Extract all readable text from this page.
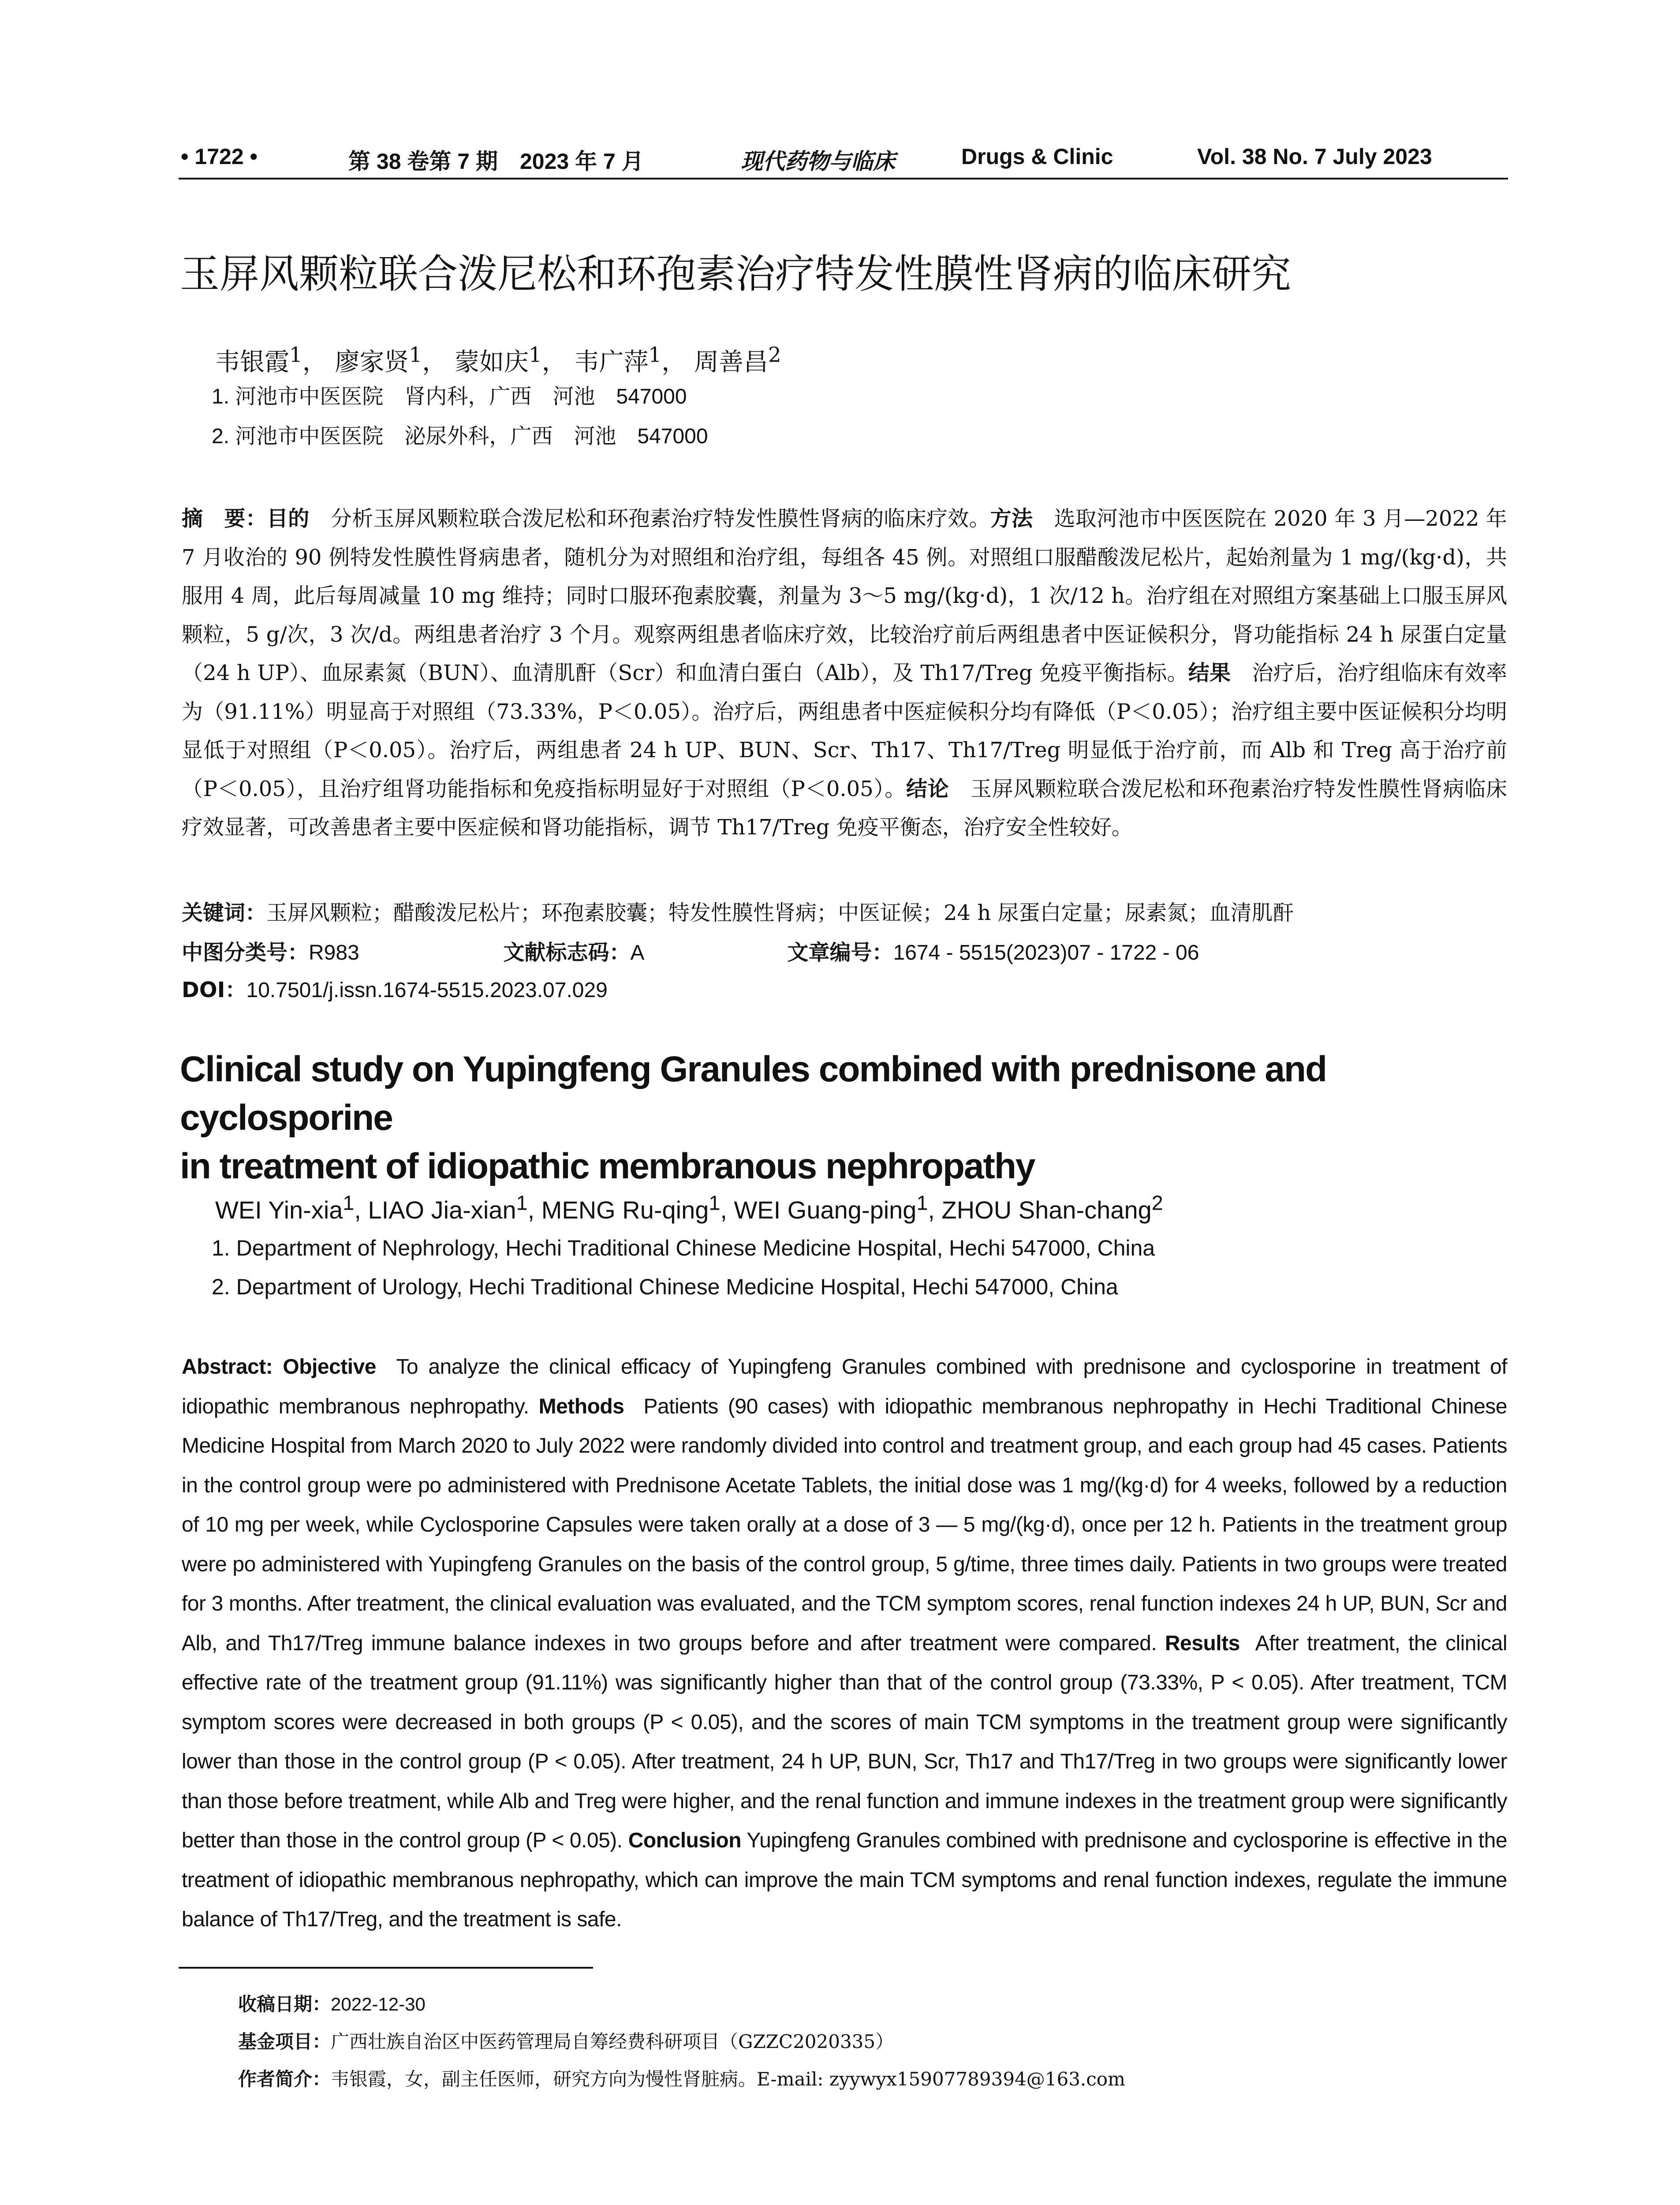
• 1722 •	第 38 卷第 7 期　2023 年 7 月	现代药物与临床	Drugs & Clinic	Vol. 38 No. 7 July 2023
玉屏风颗粒联合泼尼松和环孢素治疗特发性膜性肾病的临床研究
韦银霞$^1$， 廖家贤$^1$， 蒙如庆$^1$， 韦广萍$^1$， 周善昌$^2$
1. 河池市中医医院　肾内科，广西　河池　547000
2. 河池市中医医院　泌尿外科，广西　河池　547000
摘　要：目的　 分析玉屏风颗粒联合泼尼松和环孢素治疗特发性膜性肾病的临床疗效。方法　 选取河池市中医医院在 2020 年 3 月—2022 年 7 月收治的 90 例特发性膜性肾病患者，随机分为对照组和治疗组，每组各 45 例。对照组口服醋酸泼尼松片，起始剂量为 1 mg/(kg·d)，共服用 4 周，此后每周减量 10 mg 维持；同时口服环孢素胶囊，剂量为 3～5 mg/(kg·d)，1 次/12 h。治疗组在对照组方案基础上口服玉屏风颗粒，5 g/次，3 次/d。两组患者治疗 3 个月。观察两组患者临床疗效，比较治疗前后两组患者中医证候积分，肾功能指标 24 h 尿蛋白定量（24 h UP）、血尿素氮（BUN）、血清肌酐（Scr）和血清白蛋白（Alb），及 Th17/Treg 免疫平衡指标。结果　 治疗后，治疗组临床有效率为（91.11%）明显高于对照组（73.33%，P＜0.05）。治疗后，两组患者中医症候积分均有降低（P＜0.05）；治疗组主要中医证候积分均明显低于对照组（P＜0.05）。治疗后，两组患者 24 h UP、BUN、Scr、Th17、Th17/Treg 明显低于治疗前，而 Alb 和 Treg 高于治疗前（P＜0.05），且治疗组肾功能指标和免疫指标明显好于对照组（P＜0.05）。结论　 玉屏风颗粒联合泼尼松和环孢素治疗特发性膜性肾病临床疗效显著，可改善患者主要中医症候和肾功能指标，调节 Th17/Treg 免疫平衡态，治疗安全性较好。
关键词：玉屏风颗粒；醋酸泼尼松片；环孢素胶囊；特发性膜性肾病；中医证候；24 h 尿蛋白定量；尿素氮；血清肌酐
中图分类号：R983	文献标志码：A	文章编号：1674 - 5515(2023)07 - 1722 - 06
DOI：10.7501/j.issn.1674-5515.2023.07.029
Clinical study on Yupingfeng Granules combined with prednisone and cyclosporine
in treatment of idiopathic membranous nephropathy
WEI Yin-xia$^1$, LIAO Jia-xian$^1$, MENG Ru-qing$^1$, WEI Guang-ping$^1$, ZHOU Shan-chang$^2$
1. Department of Nephrology, Hechi Traditional Chinese Medicine Hospital, Hechi 547000, China
2. Department of Urology, Hechi Traditional Chinese Medicine Hospital, Hechi 547000, China
Abstract: Objective To analyze the clinical efficacy of Yupingfeng Granules combined with prednisone and cyclosporine in treatment of idiopathic membranous nephropathy. Methods Patients (90 cases) with idiopathic membranous nephropathy in Hechi Traditional Chinese Medicine Hospital from March 2020 to July 2022 were randomly divided into control and treatment group, and each group had 45 cases. Patients in the control group were po administered with Prednisone Acetate Tablets, the initial dose was 1 mg/(kg·d) for 4 weeks, followed by a reduction of 10 mg per week, while Cyclosporine Capsules were taken orally at a dose of 3 — 5 mg/(kg·d), once per 12 h. Patients in the treatment group were po administered with Yupingfeng Granules on the basis of the control group, 5 g/time, three times daily. Patients in two groups were treated for 3 months. After treatment, the clinical evaluation was evaluated, and the TCM symptom scores, renal function indexes 24 h UP, BUN, Scr and Alb, and Th17/Treg immune balance indexes in two groups before and after treatment were compared. Results After treatment, the clinical effective rate of the treatment group (91.11%) was significantly higher than that of the control group (73.33%, P < 0.05). After treatment, TCM symptom scores were decreased in both groups (P < 0.05), and the scores of main TCM symptoms in the treatment group were significantly lower than those in the control group (P < 0.05). After treatment, 24 h UP, BUN, Scr, Th17 and Th17/Treg in two groups were significantly lower than those before treatment, while Alb and Treg were higher, and the renal function and immune indexes in the treatment group were significantly better than those in the control group (P < 0.05). Conclusion Yupingfeng Granules combined with prednisone and cyclosporine is effective in the treatment of idiopathic membranous nephropathy, which can improve the main TCM symptoms and renal function indexes, regulate the immune balance of Th17/Treg, and the treatment is safe.
收稿日期：2022-12-30
基金项目：广西壮族自治区中医药管理局自筹经费科研项目（GZZC2020335）
作者简介：韦银霞，女，副主任医师，研究方向为慢性肾脏病。E-mail: zyywyx15907789394@163.com
